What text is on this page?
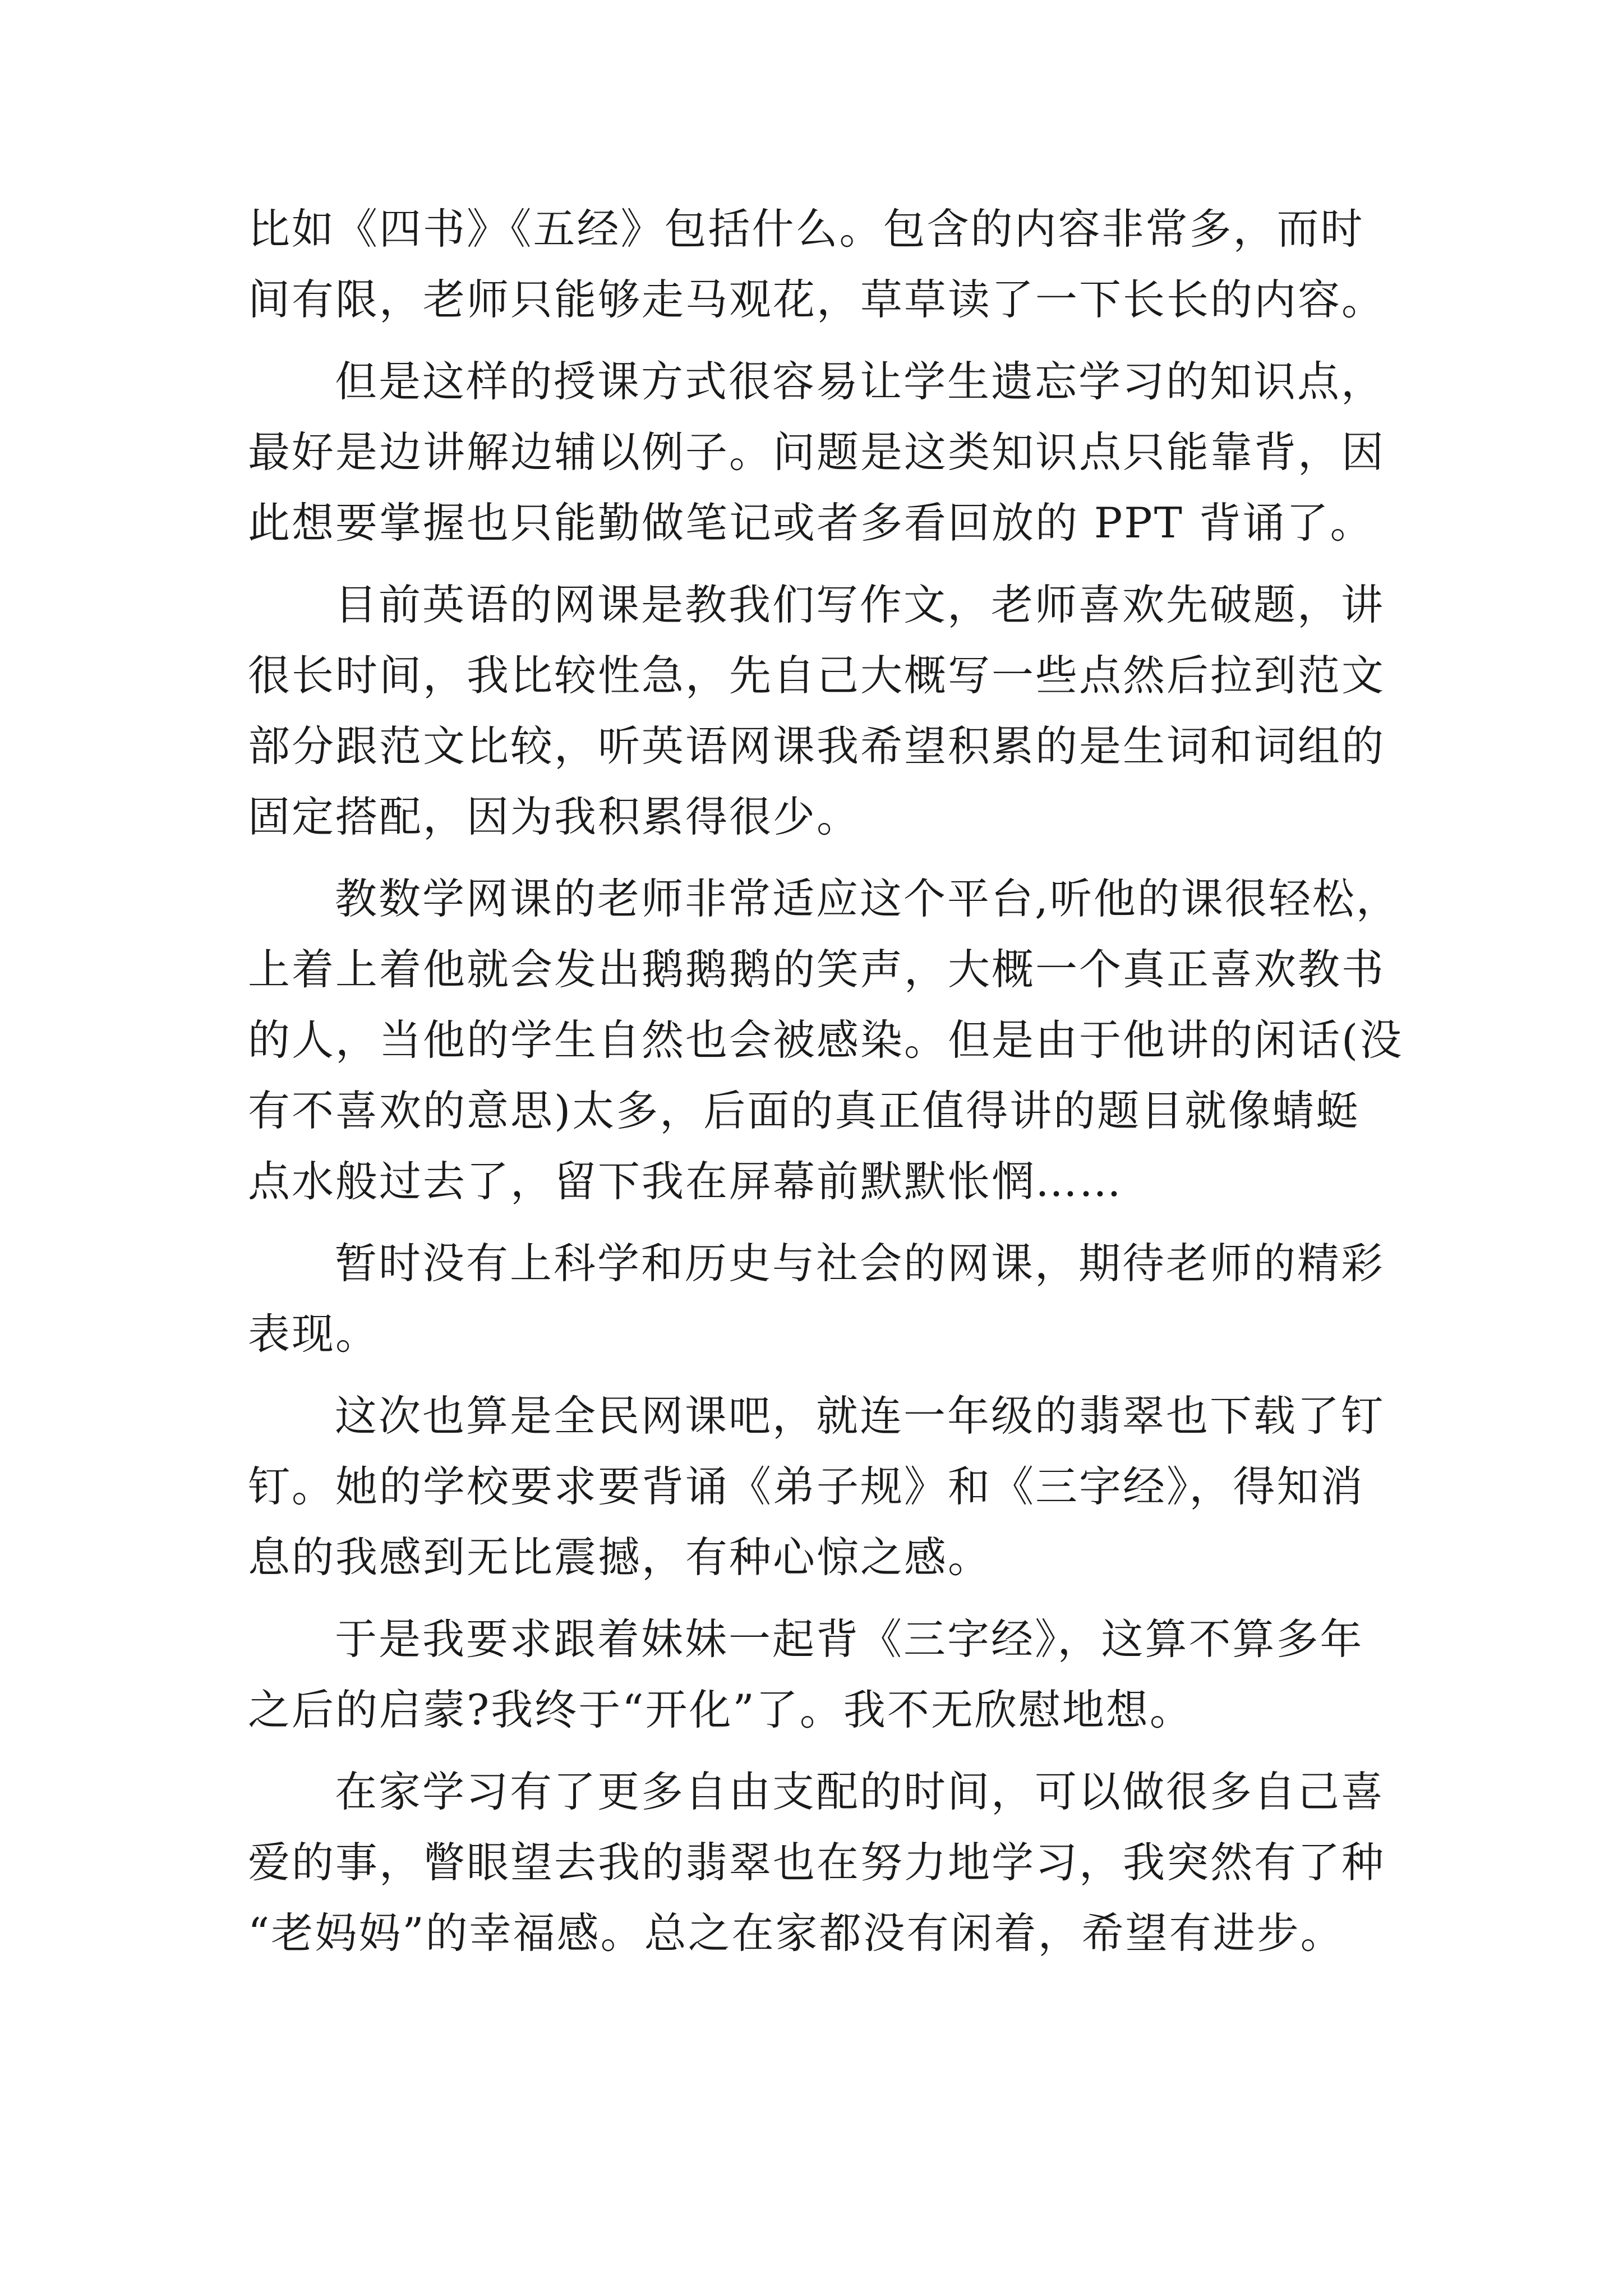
比如《四书》《五经》包括什么。包含的内容非常多，而时
间有限，老师只能够走马观花，草草读了一下长长的内容。
但是这样的授课方式很容易让学生遗忘学习的知识点，
最好是边讲解边辅以例子。问题是这类知识点只能靠背，因
此想要掌握也只能勤做笔记或者多看回放的 PPT 背诵了。
目前英语的网课是教我们写作文，老师喜欢先破题，讲
很长时间，我比较性急，先自己大概写一些点然后拉到范文
部分跟范文比较，听英语网课我希望积累的是生词和词组的
固定搭配，因为我积累得很少。
教数学网课的老师非常适应这个平台,听他的课很轻松，
上着上着他就会发出鹅鹅鹅的笑声，大概一个真正喜欢教书
的人，当他的学生自然也会被感染。但是由于他讲的闲话(没
有不喜欢的意思)太多，后面的真正值得讲的题目就像蜻蜓
点水般过去了，留下我在屏幕前默默怅惘……
暂时没有上科学和历史与社会的网课，期待老师的精彩
表现。
这次也算是全民网课吧，就连一年级的翡翠也下载了钉
钉。她的学校要求要背诵《弟子规》和《三字经》，得知消
息的我感到无比震撼，有种心惊之感。
于是我要求跟着妹妹一起背《三字经》，这算不算多年
之后的启蒙?我终于“开化”了。我不无欣慰地想。
在家学习有了更多自由支配的时间，可以做很多自己喜
爱的事，瞥眼望去我的翡翠也在努力地学习，我突然有了种
“老妈妈”的幸福感。总之在家都没有闲着，希望有进步。
